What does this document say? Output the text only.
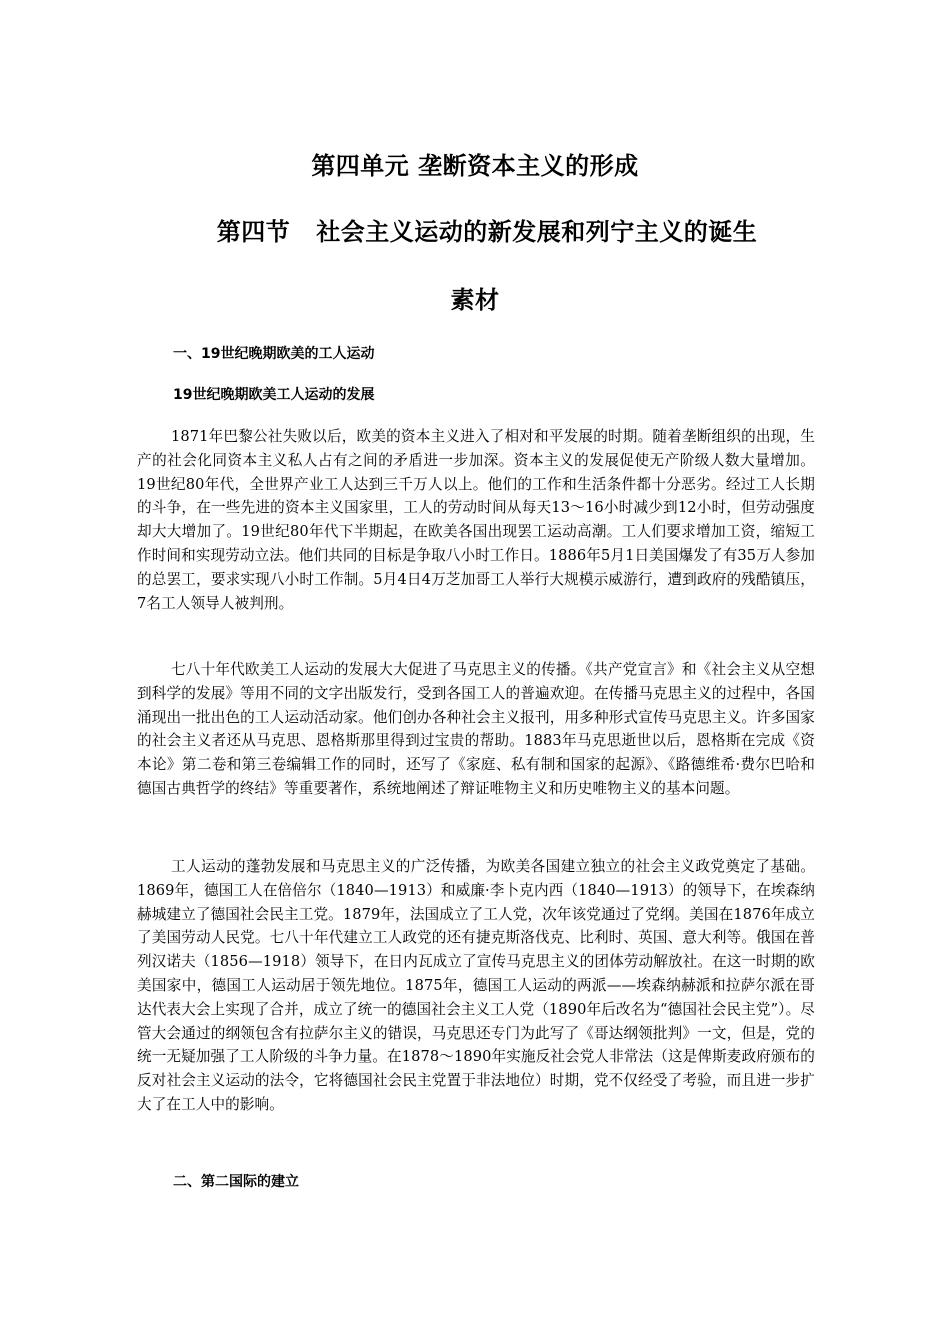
第四单元 垄断资本主义的形成
第四节 社会主义运动的新发展和列宁主义的诞生
素材
一、19世纪晚期欧美的工人运动
19世纪晚期欧美工人运动的发展

1871年巴黎公社失败以后，欧美的资本主义进入了相对和平发展的时期。随着垄断组织的出现，生产的社会化同资本主义私人占有之间的矛盾进一步加深。资本主义的发展促使无产阶级人数大量增加。19世纪80年代，全世界产业工人达到三千万人以上。他们的工作和生活条件都十分恶劣。经过工人长期的斗争，在一些先进的资本主义国家里，工人的劳动时间从每天13～16小时减少到12小时，但劳动强度却大大增加了。19世纪80年代下半期起，在欧美各国出现罢工运动高潮。工人们要求增加工资，缩短工作时间和实现劳动立法。他们共同的目标是争取八小时工作日。1886年5月1日美国爆发了有35万人参加的总罢工，要求实现八小时工作制。5月4日4万芝加哥工人举行大规模示威游行，遭到政府的残酷镇压，7名工人领导人被判刑。

七八十年代欧美工人运动的发展大大促进了马克思主义的传播。《共产党宣言》和《社会主义从空想到科学的发展》等用不同的文字出版发行，受到各国工人的普遍欢迎。在传播马克思主义的过程中，各国涌现出一批出色的工人运动活动家。他们创办各种社会主义报刊，用多种形式宣传马克思主义。许多国家的社会主义者还从马克思、恩格斯那里得到过宝贵的帮助。1883年马克思逝世以后，恩格斯在完成《资本论》第二卷和第三卷编辑工作的同时，还写了《家庭、私有制和国家的起源》、《路德维希·费尔巴哈和德国古典哲学的终结》等重要著作，系统地阐述了辩证唯物主义和历史唯物主义的基本问题。

工人运动的蓬勃发展和马克思主义的广泛传播，为欧美各国建立独立的社会主义政党奠定了基础。1869年，德国工人在倍倍尔（1840—1913）和威廉·李卜克内西（1840—1913）的领导下，在埃森纳赫城建立了德国社会民主工党。1879年，法国成立了工人党，次年该党通过了党纲。美国在1876年成立了美国劳动人民党。七八十年代建立工人政党的还有捷克斯洛伐克、比利时、英国、意大利等。俄国在普列汉诺夫（1856—1918）领导下，在日内瓦成立了宣传马克思主义的团体劳动解放社。在这一时期的欧美国家中，德国工人运动居于领先地位。1875年，德国工人运动的两派——埃森纳赫派和拉萨尔派在哥达代表大会上实现了合并，成立了统一的德国社会主义工人党（1890年后改名为“德国社会民主党”）。尽管大会通过的纲领包含有拉萨尔主义的错误，马克思还专门为此写了《哥达纲领批判》一文，但是，党的统一无疑加强了工人阶级的斗争力量。在1878～1890年实施反社会党人非常法（这是俾斯麦政府颁布的反对社会主义运动的法令，它将德国社会民主党置于非法地位）时期，党不仅经受了考验，而且进一步扩大了在工人中的影响。

二、第二国际的建立
